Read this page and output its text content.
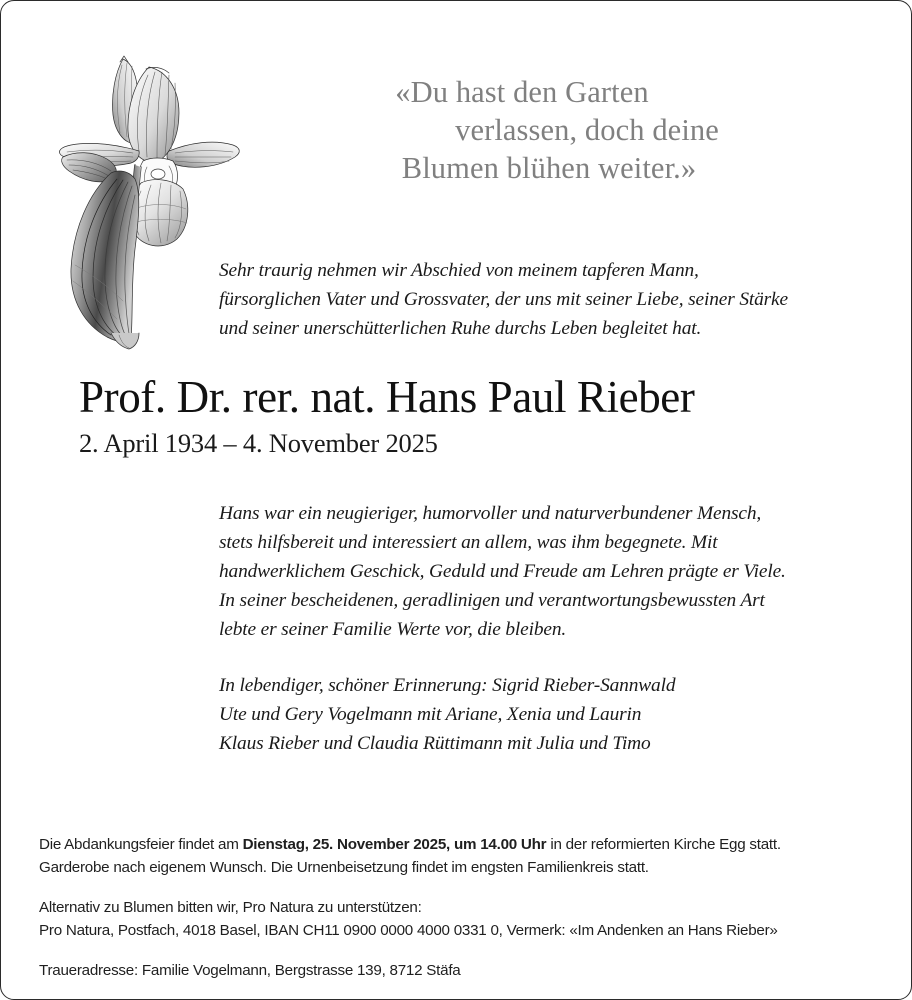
«Du hast den Garten
verlassen, doch deine
Blumen blühen weiter.»
Sehr traurig nehmen wir Abschied von meinem tapferen Mann,
fürsorglichen Vater und Grossvater, der uns mit seiner Liebe, seiner Stärke
und seiner unerschütterlichen Ruhe durchs Leben begleitet hat.
Prof. Dr. rer. nat. Hans Paul Rieber
2. April 1934 – 4. November 2025
Hans war ein neugieriger, humorvoller und naturverbundener Mensch,
stets hilfsbereit und interessiert an allem, was ihm begegnete. Mit
handwerklichem Geschick, Geduld und Freude am Lehren prägte er Viele.
In seiner bescheidenen, geradlinigen und verantwortungsbewussten Art
lebte er seiner Familie Werte vor, die bleiben.
In lebendiger, schöner Erinnerung: Sigrid Rieber-Sannwald
Ute und Gery Vogelmann mit Ariane, Xenia und Laurin
Klaus Rieber und Claudia Rüttimann mit Julia und Timo
Die Abdankungsfeier findet am Dienstag, 25. November 2025, um 14.00 Uhr in der reformierten Kirche Egg statt.
Garderobe nach eigenem Wunsch. Die Urnenbeisetzung findet im engsten Familienkreis statt.
Alternativ zu Blumen bitten wir, Pro Natura zu unterstützen:
Pro Natura, Postfach, 4018 Basel, IBAN CH11 0900 0000 4000 0331 0, Vermerk: «Im Andenken an Hans Rieber»
Traueradresse: Familie Vogelmann, Bergstrasse 139, 8712 Stäfa
